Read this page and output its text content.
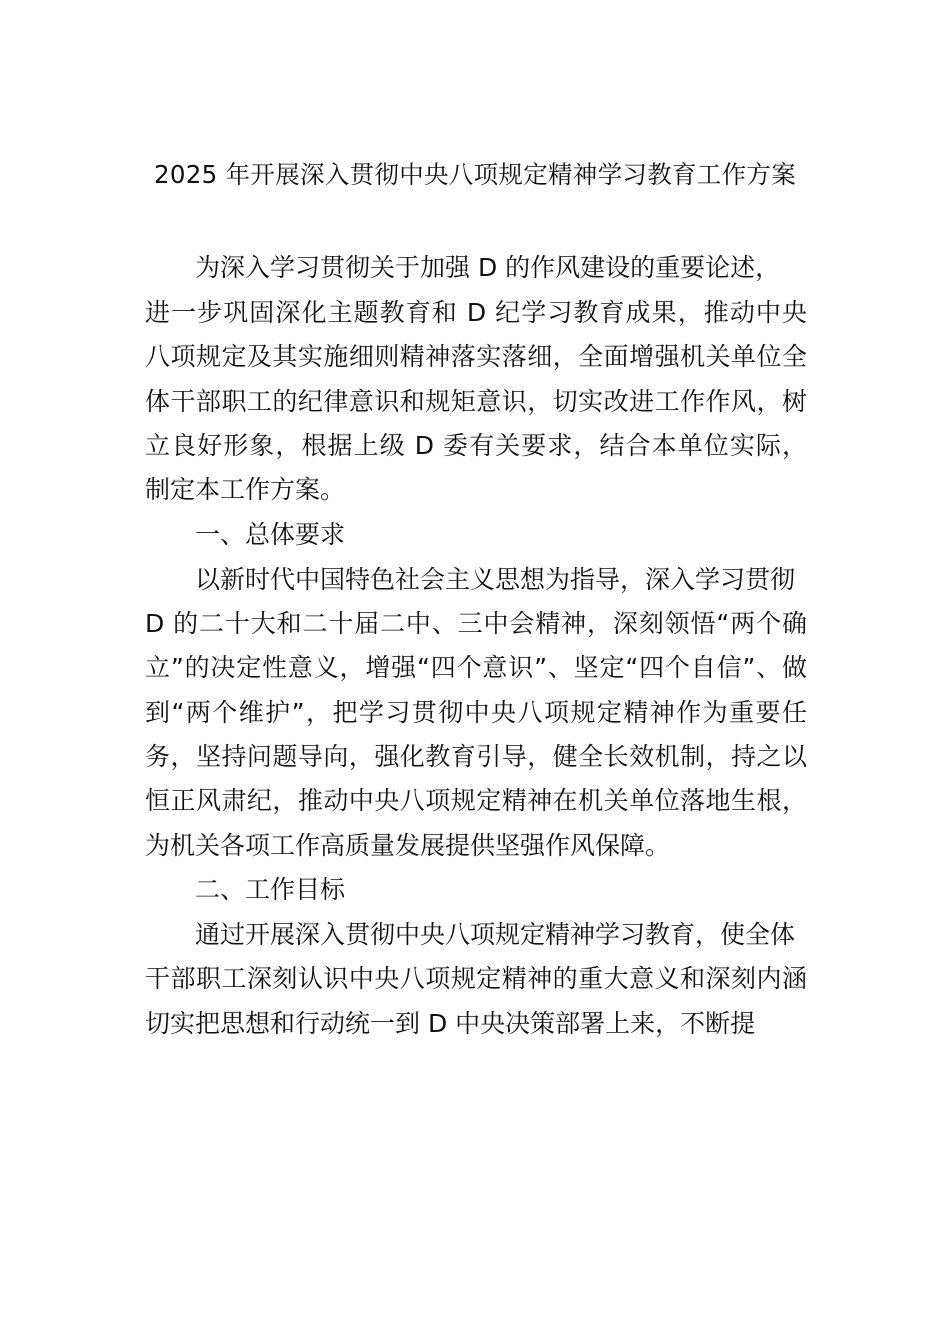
2025 年开展深入贯彻中央八项规定精神学习教育工作方案
为深入学习贯彻关于加强 D 的作风建设的重要论述，
进一步巩固深化主题教育和 D 纪学习教育成果，推动中央
八项规定及其实施细则精神落实落细，全面增强机关单位全
体干部职工的纪律意识和规矩意识，切实改进工作作风，树
立良好形象，根据上级 D 委有关要求，结合本单位实际，
制定本工作方案。
一、总体要求
以新时代中国特色社会主义思想为指导，深入学习贯彻
D 的二十大和二十届二中、三中会精神，深刻领悟“两个确
立”的决定性意义，增强“四个意识”、坚定“四个自信”、做
到“两个维护”，把学习贯彻中央八项规定精神作为重要任
务，坚持问题导向，强化教育引导，健全长效机制，持之以
恒正风肃纪，推动中央八项规定精神在机关单位落地生根，
为机关各项工作高质量发展提供坚强作风保障。
二、工作目标
通过开展深入贯彻中央八项规定精神学习教育，使全体
干部职工深刻认识中央八项规定精神的重大意义和深刻内涵
切实把思想和行动统一到 D 中央决策部署上来，不断提
